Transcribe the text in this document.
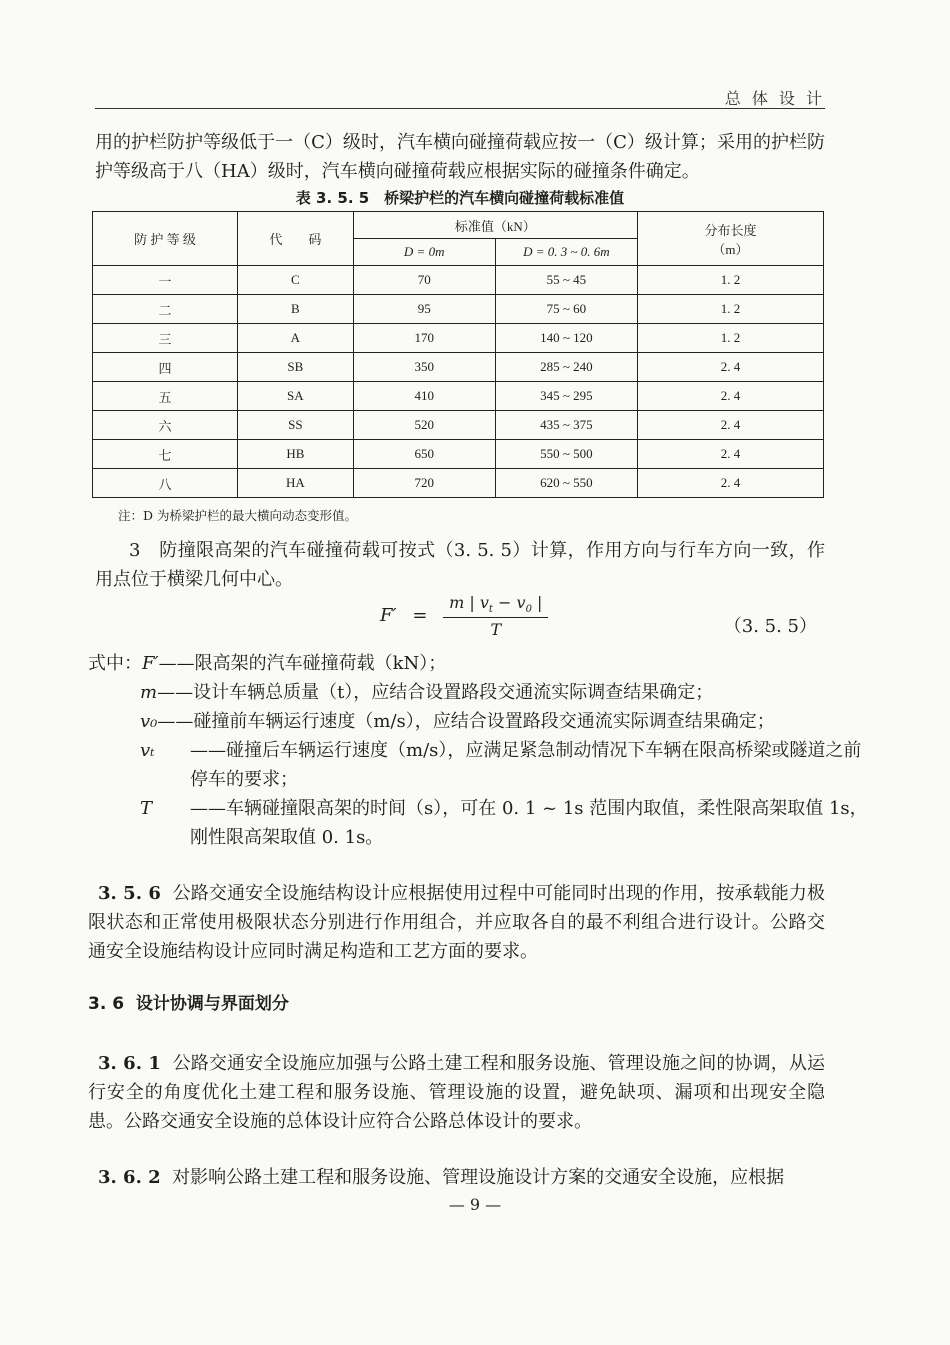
总 体 设 计
用的护栏防护等级低于一（C）级时，汽车横向碰撞荷载应按一（C）级计算；采用的护栏防护等级高于八（HA）级时，汽车横向碰撞荷载应根据实际的碰撞条件确定。
表 3. 5. 5　桥梁护栏的汽车横向碰撞荷载标准值
防 护 等 级	代　　码	标准值（kN）		分布长度
（m）
		D = 0m	D = 0. 3 ~ 0. 6m	
一	C	70	55 ~ 45	1. 2
二	B	95	75 ~ 60	1. 2
三	A	170	140 ~ 120	1. 2
四	SB	350	285 ~ 240	2. 4
五	SA	410	345 ~ 295	2. 4
六	SS	520	435 ~ 375	2. 4
七	HB	650	550 ~ 500	2. 4
八	HA	720	620 ~ 550	2. 4
注：D 为桥梁护栏的最大横向动态变形值。
3　防撞限高架的汽车碰撞荷载可按式（3. 5. 5）计算，作用方向与行车方向一致，作用点位于横梁几何中心。
$F' = \frac{m | v_t - v_0 |}{T}$	（3. 5. 5）
式中：F′——限高架的汽车碰撞荷载（kN）；
m——设计车辆总质量（t），应结合设置路段交通流实际调查结果确定；
v₀——碰撞前车辆运行速度（m/s），应结合设置路段交通流实际调查结果确定；
vₜ ——碰撞后车辆运行速度（m/s），应满足紧急制动情况下车辆在限高桥梁或隧道之前停车的要求；
T ——车辆碰撞限高架的时间（s），可在 0. 1 ~ 1s 范围内取值，柔性限高架取值 1s，刚性限高架取值 0. 1s。
3. 5. 6 公路交通安全设施结构设计应根据使用过程中可能同时出现的作用，按承载能力极限状态和正常使用极限状态分别进行作用组合，并应取各自的最不利组合进行设计。公路交通安全设施结构设计应同时满足构造和工艺方面的要求。
3. 6 设计协调与界面划分
3. 6. 1 公路交通安全设施应加强与公路土建工程和服务设施、管理设施之间的协调，从运行安全的角度优化土建工程和服务设施、管理设施的设置，避免缺项、漏项和出现安全隐患。公路交通安全设施的总体设计应符合公路总体设计的要求。
3. 6. 2 对影响公路土建工程和服务设施、管理设施设计方案的交通安全设施，应根据
— 9 —
